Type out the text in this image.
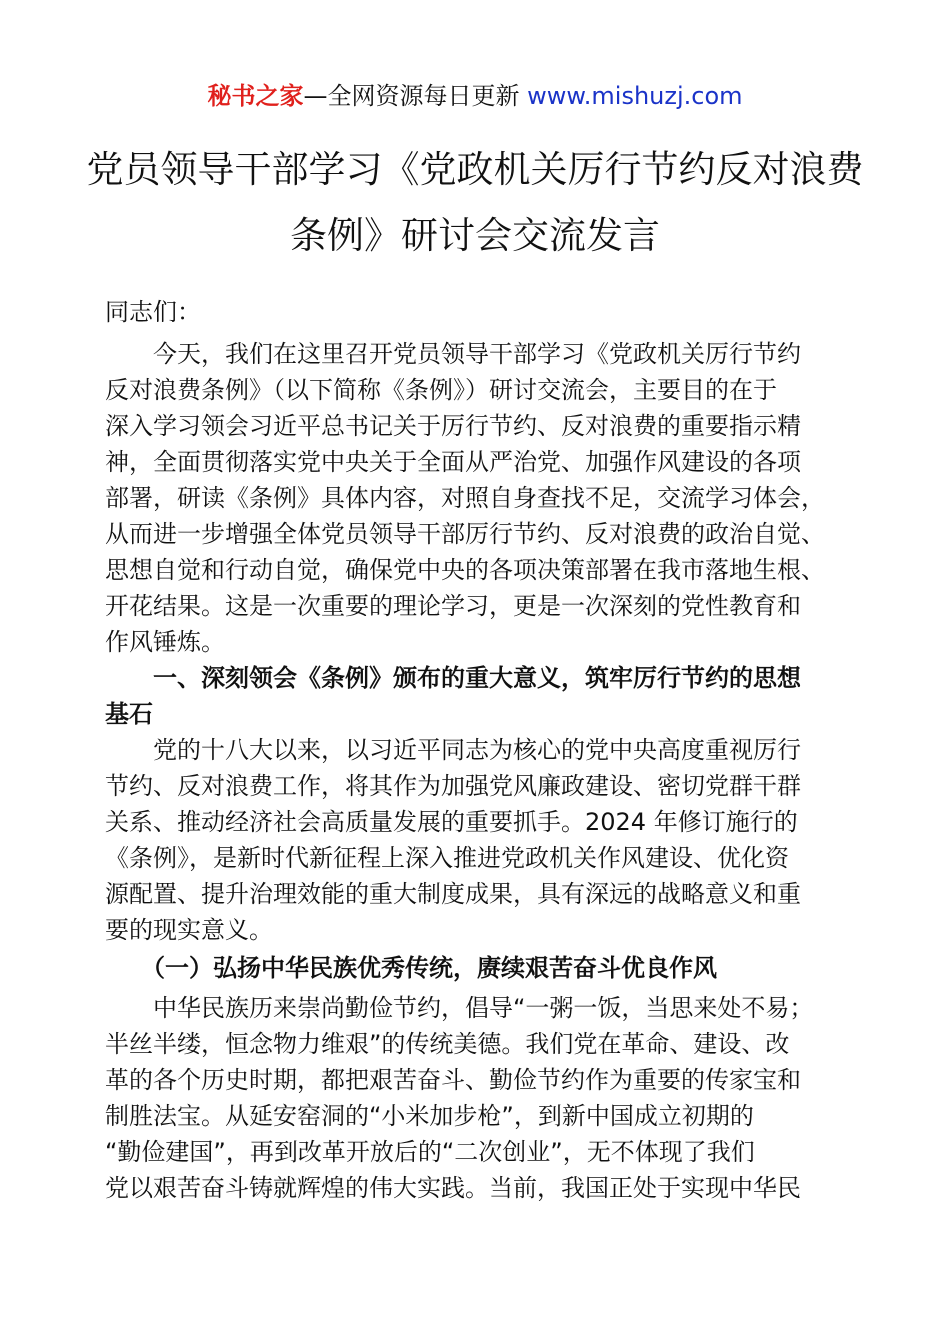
秘书之家—全网资源每日更新 www.mishuzj.com
党员领导干部学习《党政机关厉行节约反对浪费
条例》研讨会交流发言
同志们：
　　今天，我们在这里召开党员领导干部学习《党政机关厉行节约
反对浪费条例》（以下简称《条例》）研讨交流会，主要目的在于
深入学习领会习近平总书记关于厉行节约、反对浪费的重要指示精
神，全面贯彻落实党中央关于全面从严治党、加强作风建设的各项
部署，研读《条例》具体内容，对照自身查找不足，交流学习体会，
从而进一步增强全体党员领导干部厉行节约、反对浪费的政治自觉、
思想自觉和行动自觉，确保党中央的各项决策部署在我市落地生根、
开花结果。这是一次重要的理论学习，更是一次深刻的党性教育和
作风锤炼。
　　一、深刻领会《条例》颁布的重大意义，筑牢厉行节约的思想
基石
　　党的十八大以来，以习近平同志为核心的党中央高度重视厉行
节约、反对浪费工作，将其作为加强党风廉政建设、密切党群干群
关系、推动经济社会高质量发展的重要抓手。2024 年修订施行的
《条例》，是新时代新征程上深入推进党政机关作风建设、优化资
源配置、提升治理效能的重大制度成果，具有深远的战略意义和重
要的现实意义。
　　（一）弘扬中华民族优秀传统，赓续艰苦奋斗优良作风
　　中华民族历来崇尚勤俭节约，倡导“一粥一饭，当思来处不易；
半丝半缕，恒念物力维艰”的传统美德。我们党在革命、建设、改
革的各个历史时期，都把艰苦奋斗、勤俭节约作为重要的传家宝和
制胜法宝。从延安窑洞的“小米加步枪”，到新中国成立初期的
“勤俭建国”，再到改革开放后的“二次创业”，无不体现了我们
党以艰苦奋斗铸就辉煌的伟大实践。当前，我国正处于实现中华民
